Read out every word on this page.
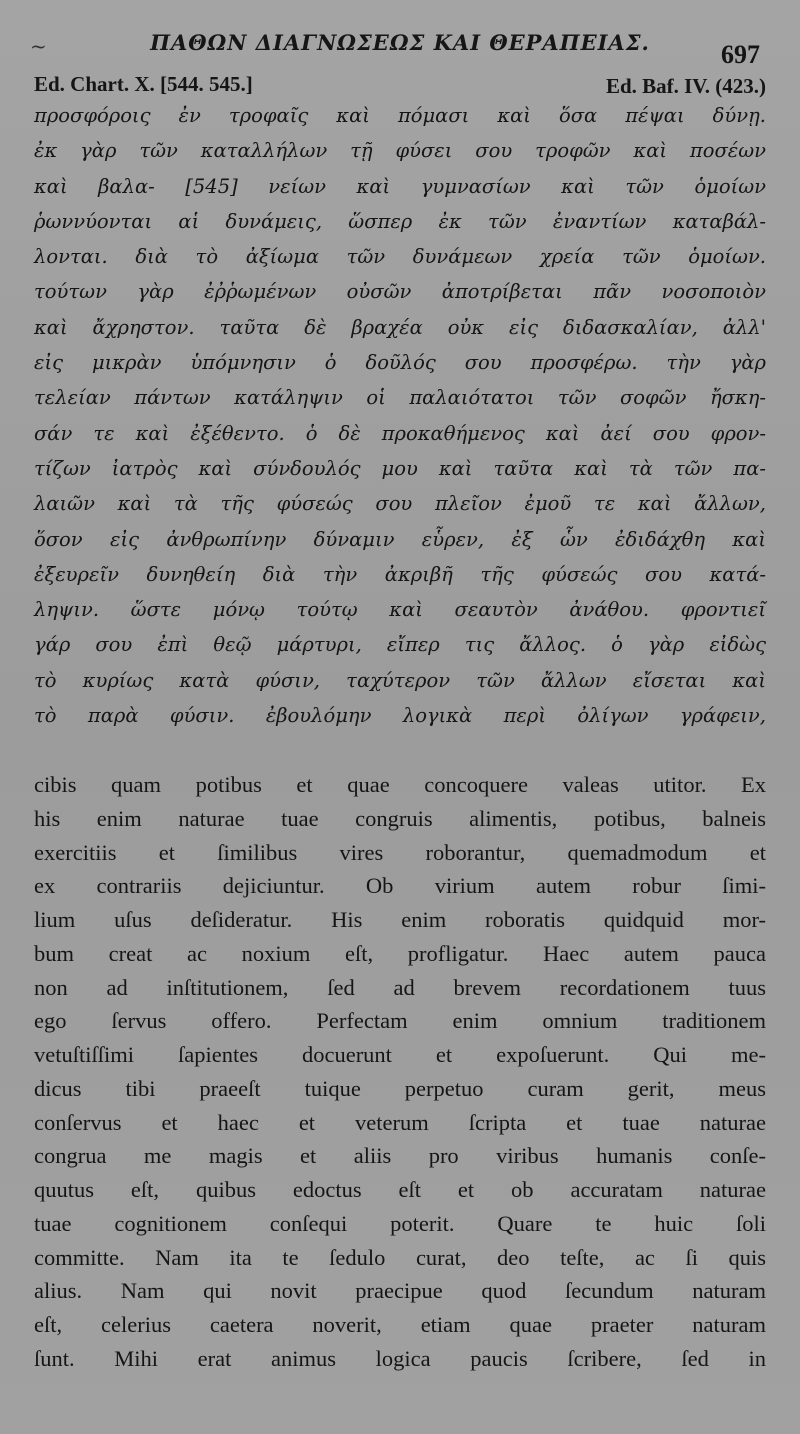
~	ΠΑΘΩΝ ΔΙΑΓΝΩΣΕΩΣ ΚΑΙ ΘΕΡΑΠΕΙΑΣ.	697
Ed. Chart. X. [544. 545.]	Ed. Baf. IV. (423.)
προσφόροις ἐν τροφαῖς καὶ πόμασι καὶ ὅσα πέψαι δύνῃ.
ἐκ γὰρ τῶν καταλλήλων τῇ φύσει σου τροφῶν καὶ ποσέων
καὶ βαλα- [545] νείων καὶ γυμνασίων καὶ τῶν ὁμοίων
ῥωννύονται αἱ δυνάμεις, ὥσπερ ἐκ τῶν ἐναντίων καταβάλ-
λονται. διὰ τὸ ἀξίωμα τῶν δυνάμεων χρεία τῶν ὁμοίων.
τούτων γὰρ ἐῤῥωμένων οὐσῶν ἀποτρίβεται πᾶν νοσοποιὸν
καὶ ἄχρηστον. ταῦτα δὲ βραχέα οὐκ εἰς διδασκαλίαν, ἀλλ'
εἰς μικρὰν ὑπόμνησιν ὁ δοῦλός σου προσφέρω. τὴν γὰρ
τελείαν πάντων κατάληψιν οἱ παλαιότατοι τῶν σοφῶν ἤσκη-
σάν τε καὶ ἐξέθεντο. ὁ δὲ προκαθήμενος καὶ ἀεί σου φρον-
τίζων ἰατρὸς καὶ σύνδουλός μου καὶ ταῦτα καὶ τὰ τῶν πα-
λαιῶν καὶ τὰ τῆς φύσεώς σου πλεῖον ἐμοῦ τε καὶ ἄλλων,
ὅσον εἰς ἀνθρωπίνην δύναμιν εὗρεν, ἐξ ὧν ἐδιδάχθη καὶ
ἐξευρεῖν δυνηθείη διὰ τὴν ἀκριβῆ τῆς φύσεώς σου κατά-
ληψιν. ὥστε μόνῳ τούτῳ καὶ σεαυτὸν ἀνάθου. φροντιεῖ
γάρ σου ἐπὶ θεῷ μάρτυρι, εἴπερ τις ἄλλος. ὁ γὰρ εἰδὼς
τὸ κυρίως κατὰ φύσιν, ταχύτερον τῶν ἄλλων εἴσεται καὶ
τὸ παρὰ φύσιν. ἐβουλόμην λογικὰ περὶ ὀλίγων γράφειν,
cibis quam potibus et quae concoquere valeas utitor. Ex
his enim naturae tuae congruis alimentis, potibus, balneis
exercitiis et ſimilibus vires roborantur, quemadmodum et
ex contrariis dejiciuntur. Ob virium autem robur ſimi-
lium uſus deſideratur. His enim roboratis quidquid mor-
bum creat ac noxium eſt, profligatur. Haec autem pauca
non ad inſtitutionem, ſed ad brevem recordationem tuus
ego ſervus offero. Perfectam enim omnium traditionem
vetuſtiſſimi ſapientes docuerunt et expoſuerunt. Qui me-
dicus tibi praeeſt tuique perpetuo curam gerit, meus
conſervus et haec et veterum ſcripta et tuae naturae
congrua me magis et aliis pro viribus humanis conſe-
quutus eſt, quibus edoctus eſt et ob accuratam naturae
tuae cognitionem conſequi poterit. Quare te huic ſoli
committe. Nam ita te ſedulo curat, deo teſte, ac ſi quis
alius. Nam qui novit praecipue quod ſecundum naturam
eſt, celerius caetera noverit, etiam quae praeter naturam
ſunt. Mihi erat animus logica paucis ſcribere, ſed in
